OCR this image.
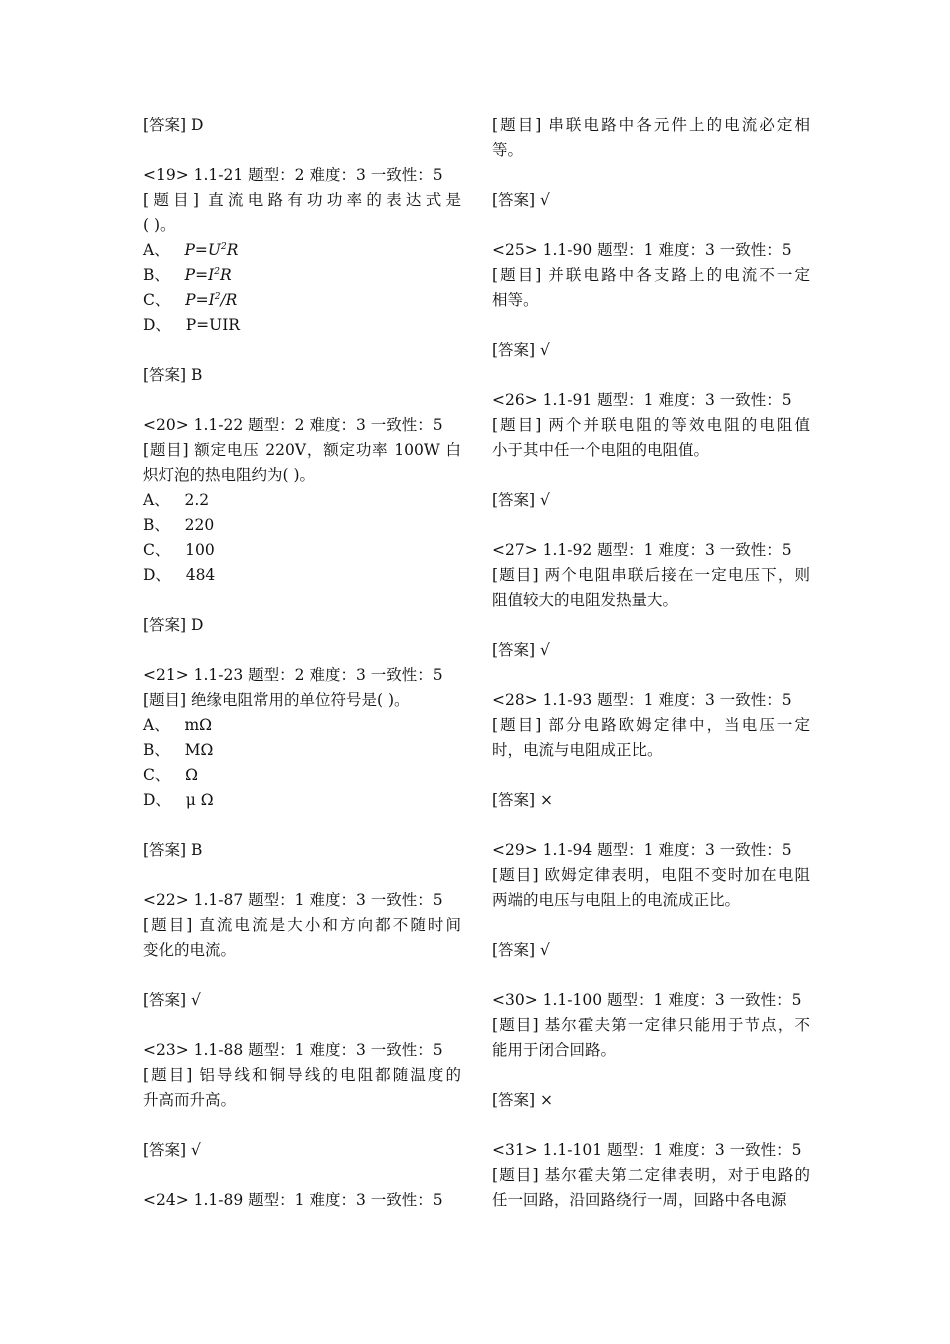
[答案] D
<19> 1.1-21 题型：2 难度：3 一致性：5
[题目] 直流电路有功功率的表达式是
( )。
A、   $P=U^2R$
B、   $P=I^2R$
C、   $P=I^2/R$
D、   P=UIR
[答案] B
<20> 1.1-22 题型：2 难度：3 一致性：5
[题目] 额定电压 220V，额定功率 100W 白
炽灯泡的热电阻约为( )。
A、   2.2
B、   220
C、   100
D、   484
[答案] D
<21> 1.1-23 题型：2 难度：3 一致性：5
[题目] 绝缘电阻常用的单位符号是( )。
A、   mΩ
B、   MΩ
C、   Ω
D、   μ Ω
[答案] B
<22> 1.1-87 题型：1 难度：3 一致性：5
[题目] 直流电流是大小和方向都不随时间
变化的电流。
[答案] √
<23> 1.1-88 题型：1 难度：3 一致性：5
[题目] 铝导线和铜导线的电阻都随温度的
升高而升高。
[答案] √
<24> 1.1-89 题型：1 难度：3 一致性：5
[题目] 串联电路中各元件上的电流必定相
等。
[答案] √
<25> 1.1-90 题型：1 难度：3 一致性：5
[题目] 并联电路中各支路上的电流不一定
相等。
[答案] √
<26> 1.1-91 题型：1 难度：3 一致性：5
[题目] 两个并联电阻的等效电阻的电阻值
小于其中任一个电阻的电阻值。
[答案] √
<27> 1.1-92 题型：1 难度：3 一致性：5
[题目] 两个电阻串联后接在一定电压下，则
阻值较大的电阻发热量大。
[答案] √
<28> 1.1-93 题型：1 难度：3 一致性：5
[题目] 部分电路欧姆定律中，当电压一定
时，电流与电阻成正比。
[答案] ×
<29> 1.1-94 题型：1 难度：3 一致性：5
[题目] 欧姆定律表明，电阻不变时加在电阻
两端的电压与电阻上的电流成正比。
[答案] √
<30> 1.1-100 题型：1 难度：3 一致性：5
[题目] 基尔霍夫第一定律只能用于节点，不
能用于闭合回路。
[答案] ×
<31> 1.1-101 题型：1 难度：3 一致性：5
[题目] 基尔霍夫第二定律表明，对于电路的
任一回路，沿回路绕行一周，回路中各电源
